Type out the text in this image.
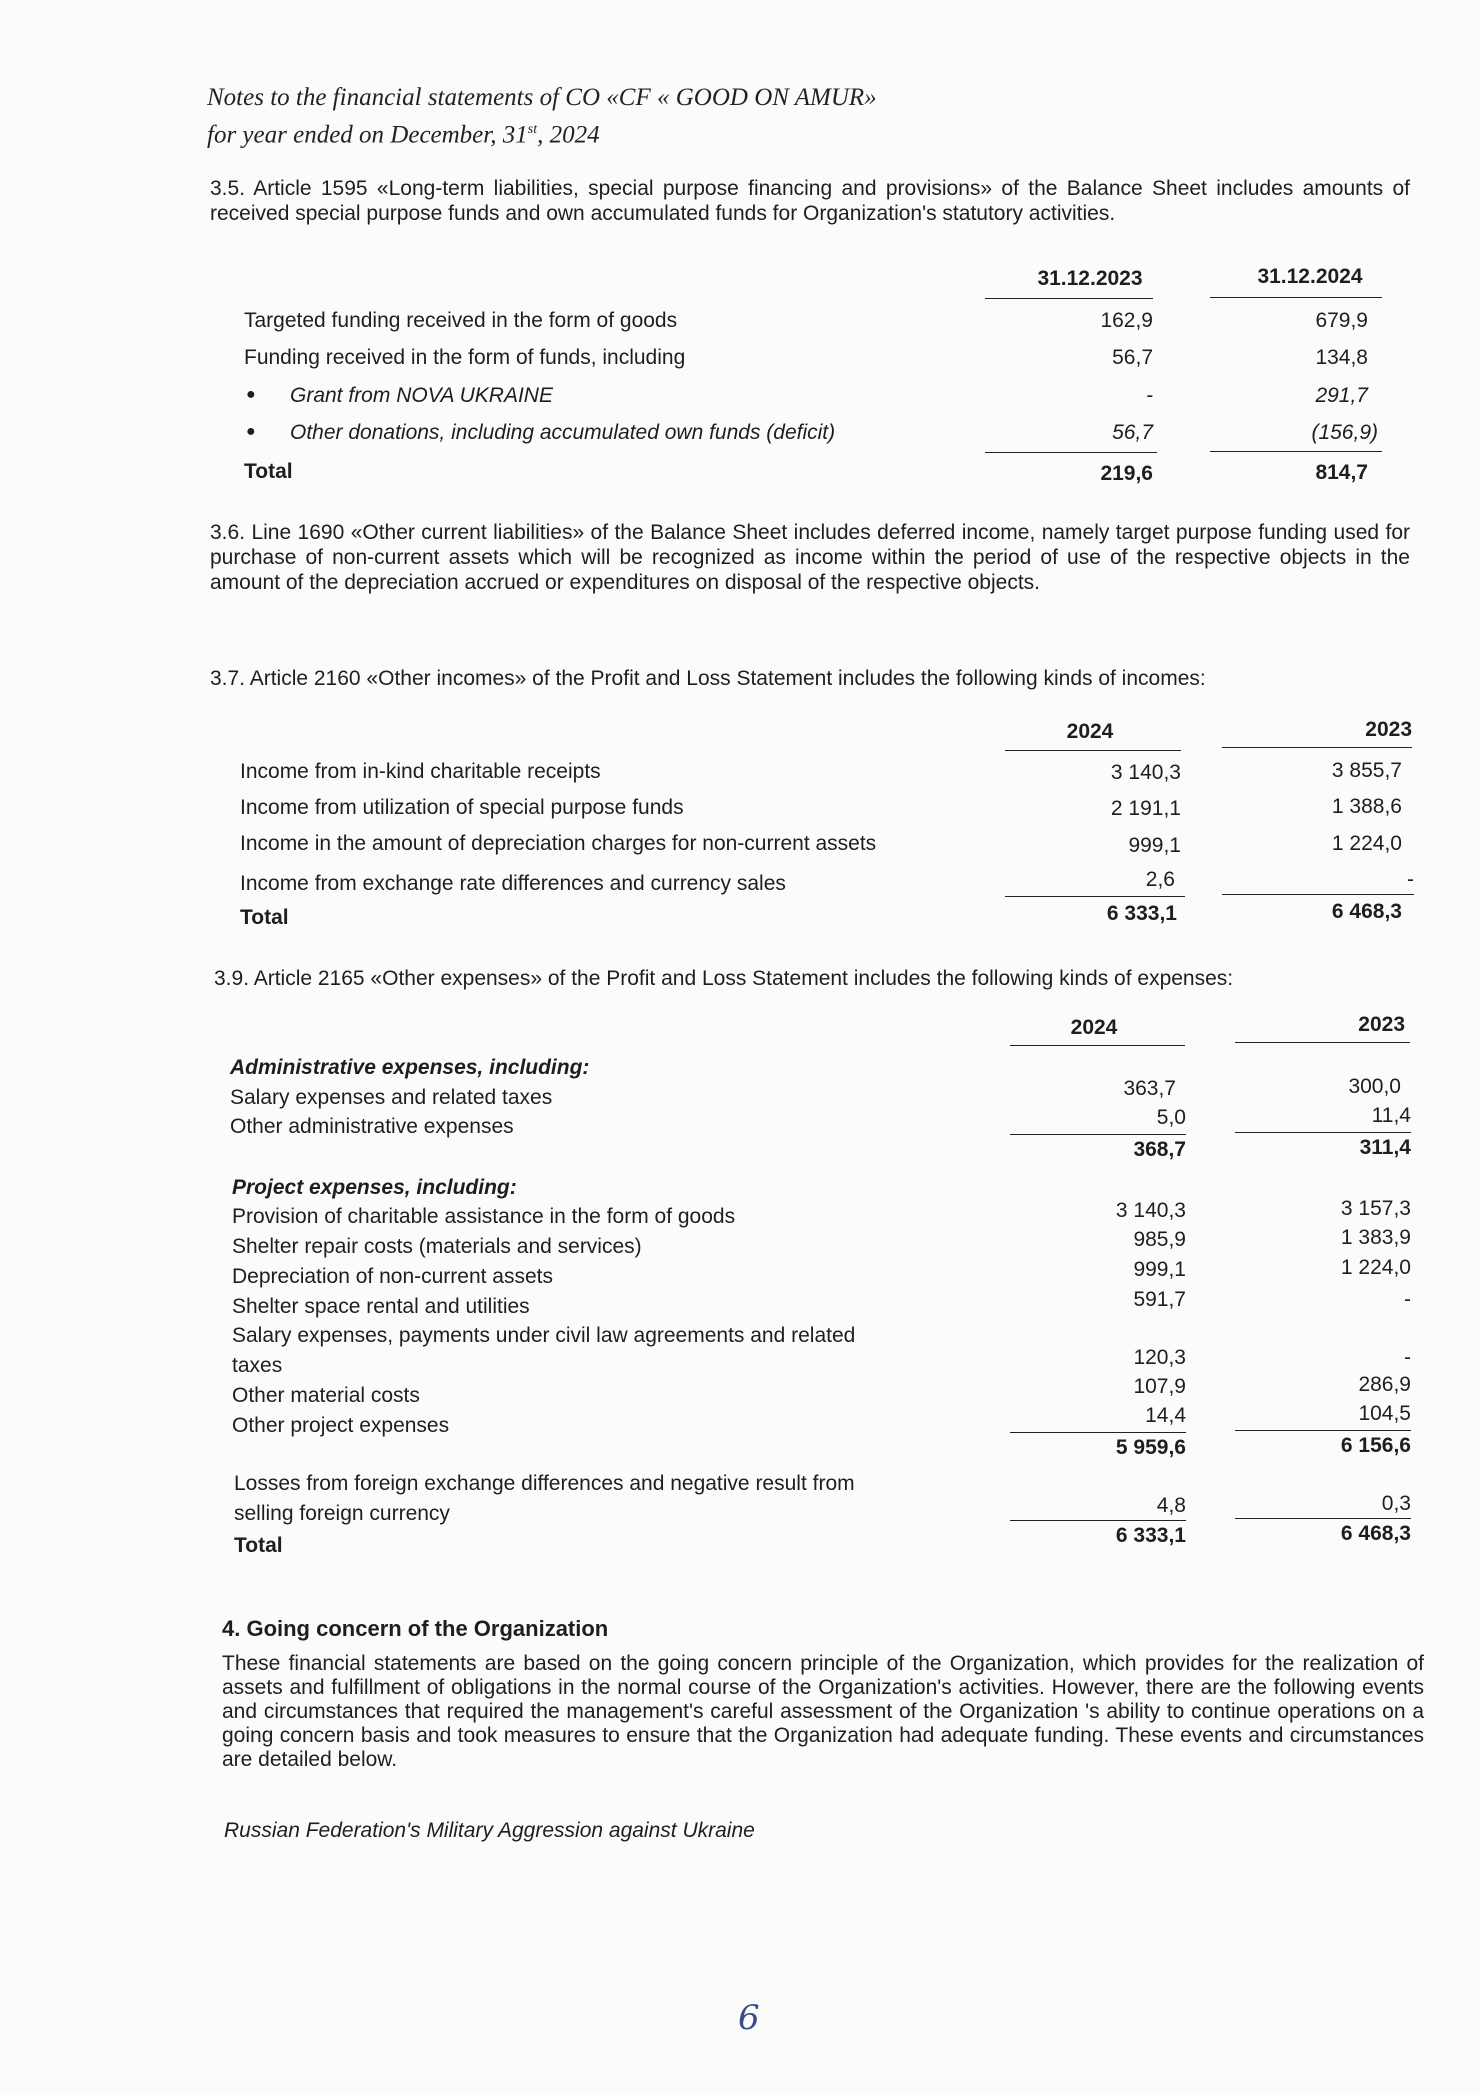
Notes to the financial statements of CO «CF « GOOD ON AMUR»
for year ended on December, 31st, 2024
3.5. Article 1595 «Long-term liabilities, special purpose financing and provisions» of the Balance Sheet includes amounts of received special purpose funds and own accumulated funds for Organization's statutory activities.
31.12.2023	31.12.2024
Targeted funding received in the form of goods	162,9	679,9
Funding received in the form of funds, including	56,7	134,8
● Grant from NOVA UKRAINE	-	291,7
● Other donations, including accumulated own funds (deficit)	56,7	(156,9)
Total	219,6	814,7
3.6. Line 1690 «Other current liabilities» of the Balance Sheet includes deferred income, namely target purpose funding used for purchase of non-current assets which will be recognized as income within the period of use of the respective objects in the amount of the depreciation accrued or expenditures on disposal of the respective objects.
3.7. Article 2160 «Other incomes» of the Profit and Loss Statement includes the following kinds of incomes:
2024	2023
Income from in-kind charitable receipts	3 140,3	3 855,7
Income from utilization of special purpose funds	2 191,1	1 388,6
Income in the amount of depreciation charges for non-current assets	999,1	1 224,0
Income from exchange rate differences and currency sales	2,6	-
Total	6 333,1	6 468,3
3.9. Article 2165 «Other expenses» of the Profit and Loss Statement includes the following kinds of expenses:
2024	2023
Administrative expenses, including:
Salary expenses and related taxes	363,7	300,0
Other administrative expenses	5,0	11,4
368,7	311,4
Project expenses, including:
Provision of charitable assistance in the form of goods	3 140,3	3 157,3
Shelter repair costs (materials and services)	985,9	1 383,9
Depreciation of non-current assets	999,1	1 224,0
Shelter space rental and utilities	591,7	-
Salary expenses, payments under civil law agreements and related
taxes	120,3	-
Other material costs	107,9	286,9
Other project expenses	14,4	104,5
5 959,6	6 156,6
Losses from foreign exchange differences and negative result from
selling foreign currency	4,8	0,3
Total	6 333,1	6 468,3
4. Going concern of the Organization
These financial statements are based on the going concern principle of the Organization, which provides for the realization of assets and fulfillment of obligations in the normal course of the Organization's activities. However, there are the following events and circumstances that required the management's careful assessment of the Organization 's ability to continue operations on a going concern basis and took measures to ensure that the Organization had adequate funding. These events and circumstances are detailed below.
Russian Federation's Military Aggression against Ukraine
6
